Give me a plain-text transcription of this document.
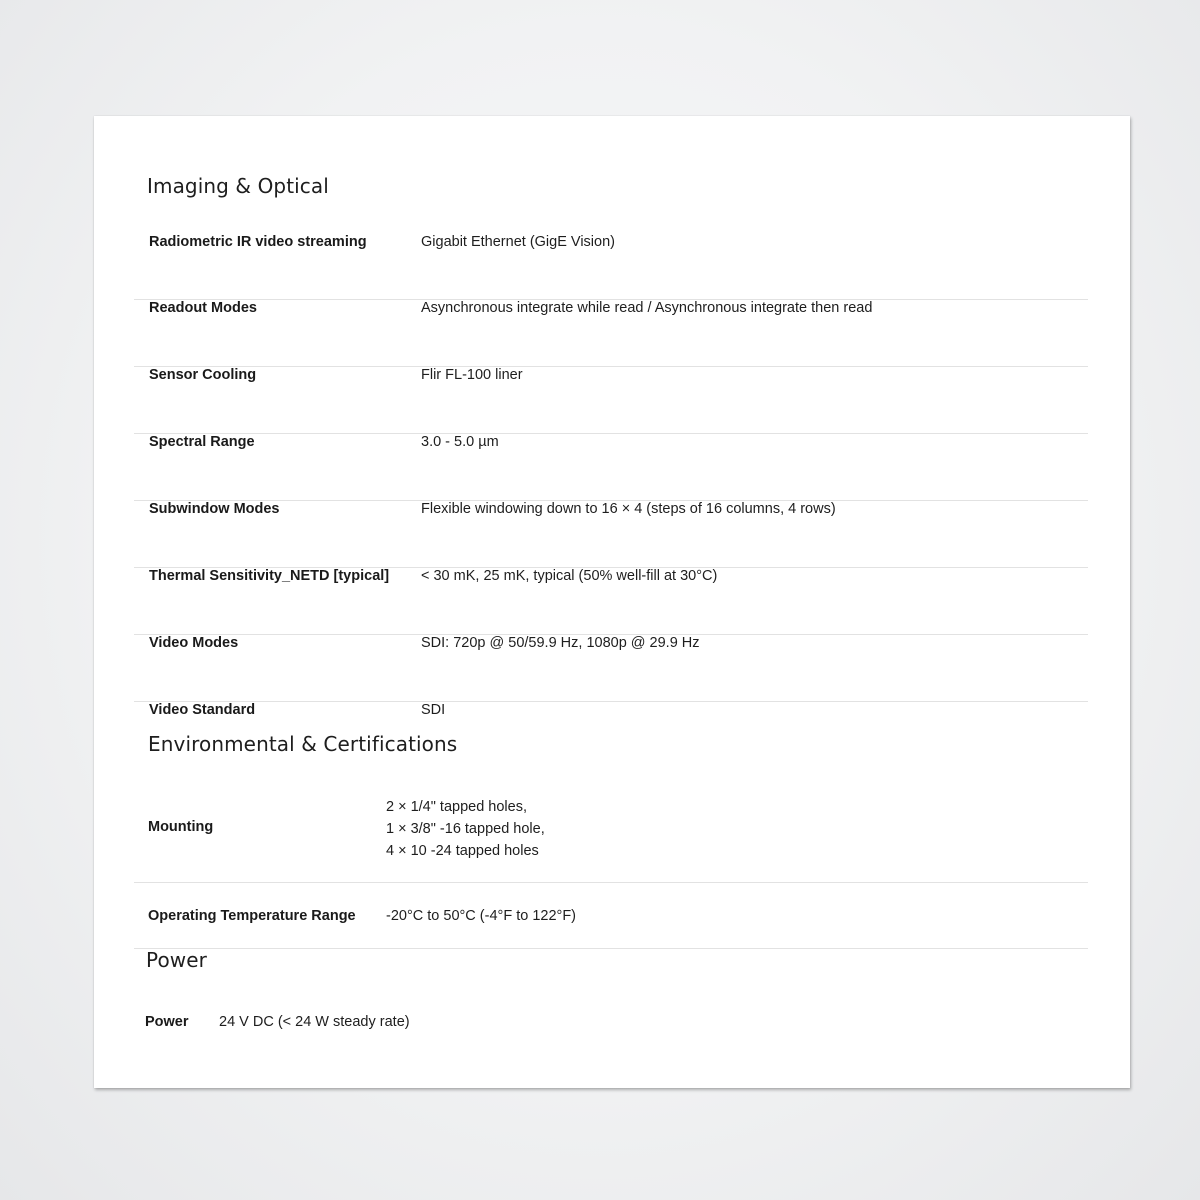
Imaging & Optical
Radiometric IR video streaming	Gigabit Ethernet (GigE Vision)
Readout Modes	Asynchronous integrate while read / Asynchronous integrate then read
Sensor Cooling	Flir FL-100 liner
Spectral Range	3.0 - 5.0 µm
Subwindow Modes	Flexible windowing down to 16 × 4 (steps of 16 columns, 4 rows)
Thermal Sensitivity_NETD [typical] < 30 mK, 25 mK, typical (50% well-fill at 30°C)
Video Modes	SDI: 720p @ 50/59.9 Hz, 1080p @ 29.9 Hz
Video Standard	SDI
Environmental & Certifications
Mounting
2 × 1/4" tapped holes,
1 × 3/8" -16 tapped hole,
4 × 10 -24 tapped holes
Operating Temperature Range -20°C to 50°C (-4°F to 122°F)
Power
Power 24 V DC (< 24 W steady rate)
